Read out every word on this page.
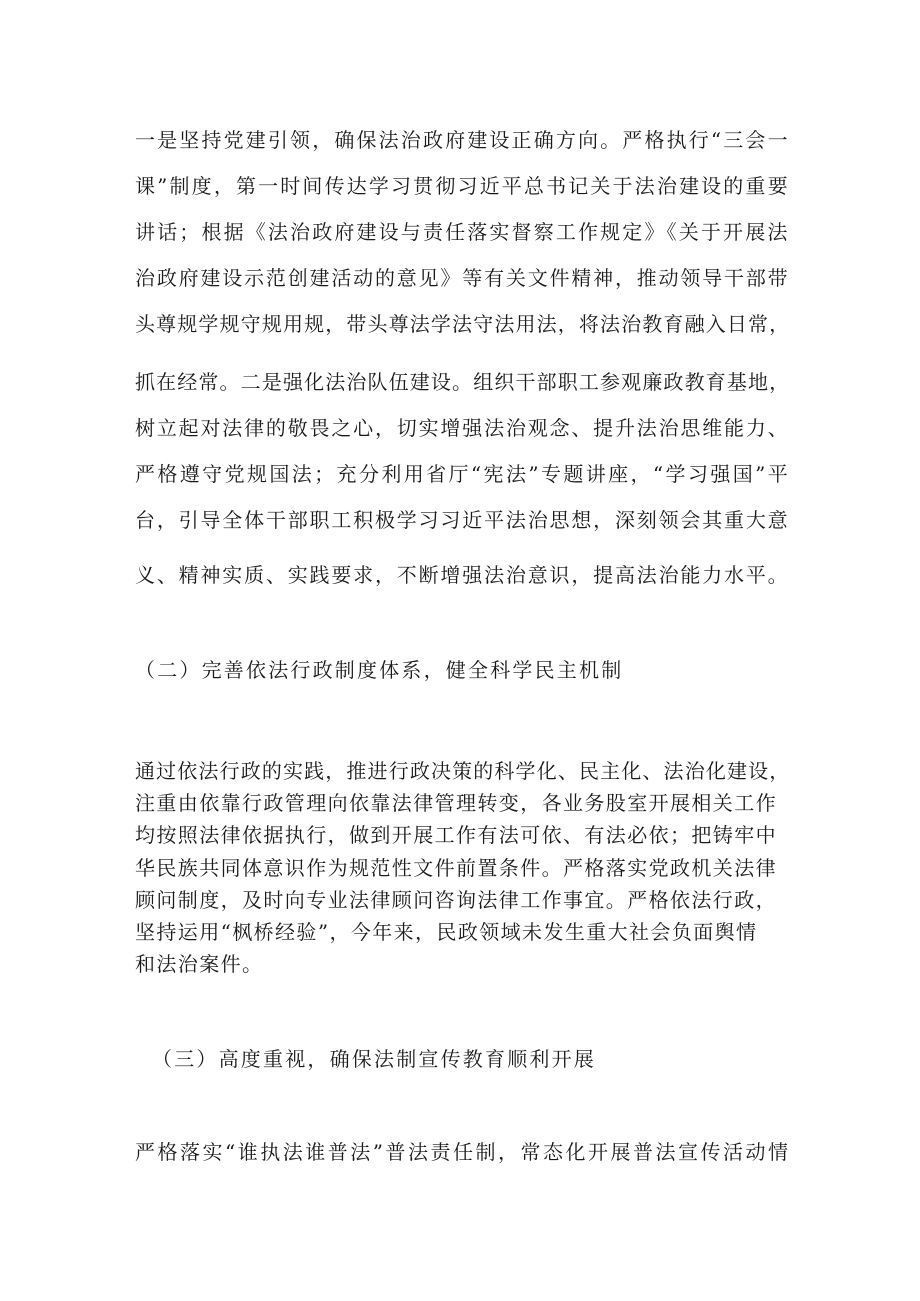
一是坚持党建引领，确保法治政府建设正确方向。严格执行“三会一
课”制度，第一时间传达学习贯彻习近平总书记关于法治建设的重要
讲话；根据《法治政府建设与责任落实督察工作规定》《关于开展法
治政府建设示范创建活动的意见》等有关文件精神，推动领导干部带
头尊规学规守规用规，带头尊法学法守法用法，将法治教育融入日常，
抓在经常。二是强化法治队伍建设。组织干部职工参观廉政教育基地，
树立起对法律的敬畏之心，切实增强法治观念、提升法治思维能力、
严格遵守党规国法；充分利用省厅“宪法”专题讲座，“学习强国”平
台，引导全体干部职工积极学习习近平法治思想，深刻领会其重大意
义、精神实质、实践要求，不断增强法治意识，提高法治能力水平。
（二）完善依法行政制度体系，健全科学民主机制
通过依法行政的实践，推进行政决策的科学化、民主化、法治化建设，
注重由依靠行政管理向依靠法律管理转变，各业务股室开展相关工作
均按照法律依据执行，做到开展工作有法可依、有法必依；把铸牢中
华民族共同体意识作为规范性文件前置条件。严格落实党政机关法律
顾问制度，及时向专业法律顾问咨询法律工作事宜。严格依法行政，
坚持运用“枫桥经验”，今年来，民政领域未发生重大社会负面舆情
和法治案件。
（三）高度重视，确保法制宣传教育顺利开展
严格落实“谁执法谁普法”普法责任制，常态化开展普法宣传活动情
